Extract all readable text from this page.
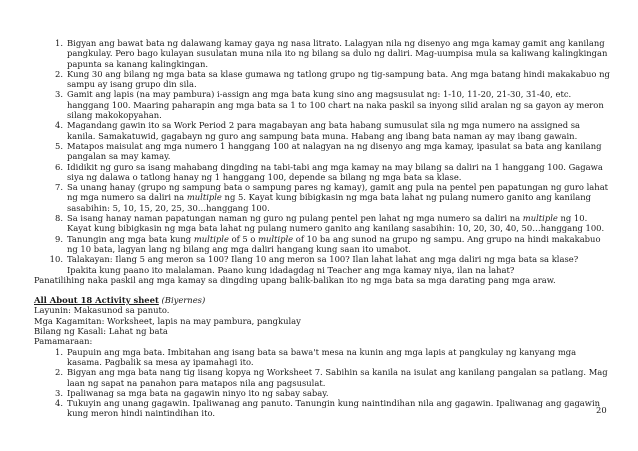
1. Bigyan ang bawat bata ng dalawang kamay gaya ng nasa litrato. Lalagyan nila ng disenyo ang mga kamay gamit ang kanilang pangkulay. Pero bago kulayan susulatan muna nila ito ng bilang sa dulo ng daliri. Mag-uumpisa mula sa kaliwang kalingkingan papunta sa kanang kalingkingan.
2. Kung 30 ang bilang ng mga bata sa klase gumawa ng tatlong grupo ng tig-sampung bata. Ang mga batang hindi makakabuo ng sampu ay isang grupo din sila.
3. Gamit ang lapis (na may pambura) i-assign ang mga bata kung sino ang magsusulat ng: 1-10, 11-20, 21-30, 31-40, etc. hanggang 100. Maaring paharapin ang mga bata sa 1 to 100 chart na naka paskil sa inyong silid aralan ng sa gayon ay meron silang makokopyahan.
4. Magandang gawin ito sa Work Period 2 para magabayan ang bata habang sumusulat sila ng mga numero na assigned sa kanila. Samakatuwid, gagabayn ng guro ang sampung bata muna. Habang ang ibang bata naman ay may ibang gawain.
5. Matapos maisulat ang mga numero 1 hanggang 100 at nalagyan na ng disenyo ang mga kamay, ipasulat sa bata ang kanilang pangalan sa may kamay.
6. Ididikit ng guro sa isang mahabang dingding na tabi-tabi ang mga kamay na may bilang sa daliri na 1 hanggang 100. Gagawa siya ng dalawa o tatlong hanay ng 1 hanggang 100, depende sa bilang ng mga bata sa klase.
7. Sa unang hanay (grupo ng sampung bata o sampung pares ng kamay), gamit ang pula na pentel pen papatungan ng guro lahat ng mga numero sa daliri na multiple ng 5. Kayat kung bibigkasin ng mga bata lahat ng pulang numero ganito ang kanilang sasabihin: 5, 10, 15, 20, 25, 30…hanggang 100.
8. Sa isang hanay naman papatungan naman ng guro ng pulang pentel pen lahat ng mga numero sa daliri na multiple ng 10. Kayat kung bibigkasin ng mga bata lahat ng pulang numero ganito ang kanilang sasabihin: 10, 20, 30, 40, 50…hanggang 100.
9. Tanungin ang mga bata kung multiple of 5 o multiple of 10 ba ang sunod na grupo ng sampu. Ang grupo na hindi makakabuo ng 10 bata, lagyan lang ng bilang ang mga daliri hangang kung saan ito umabot.
10. Talakayan: Ilang 5 ang meron sa 100? Ilang 10 ang meron sa 100? Ilan lahat lahat ang mga daliri ng mga bata sa klase? Ipakita kung paano ito malalaman. Paano kung idadagdag ni Teacher ang mga kamay niya, ilan na lahat?

Panatilihing naka paskil ang mga kamay sa dingding upang balik-balikan ito ng mga bata sa mga darating pang mga araw.

All About 18 Activity sheet (Biyernes)

Layunin: Makasunod sa panuto.

Mga Kagamitan: Worksheet, lapis na may pambura, pangkulay

Bilang ng Kasali: Lahat ng bata

Pamamaraan:

1. Paupuin ang mga bata. Imbitahan ang isang bata sa bawa't mesa na kunin ang mga lapis at pangkulay ng kanyang mga kasama. Pagbalik sa mesa ay ipamahagi ito.
2. Bigyan ang mga bata nang tig iisang kopya ng Worksheet 7. Sabihin sa kanila na isulat ang kanilang pangalan sa patlang. Mag laan ng sapat na panahon para matapos nila ang pagsusulat.
3. Ipaliwanag sa mga bata na gagawin ninyo ito ng sabay sabay.
4. Tukuyin ang unang gagawin. Ipaliwanag ang panuto. Tanungin kung naintindihan nila ang gagawin. Ipaliwanag ang gagawin kung meron hindi naintindihan ito.	20
